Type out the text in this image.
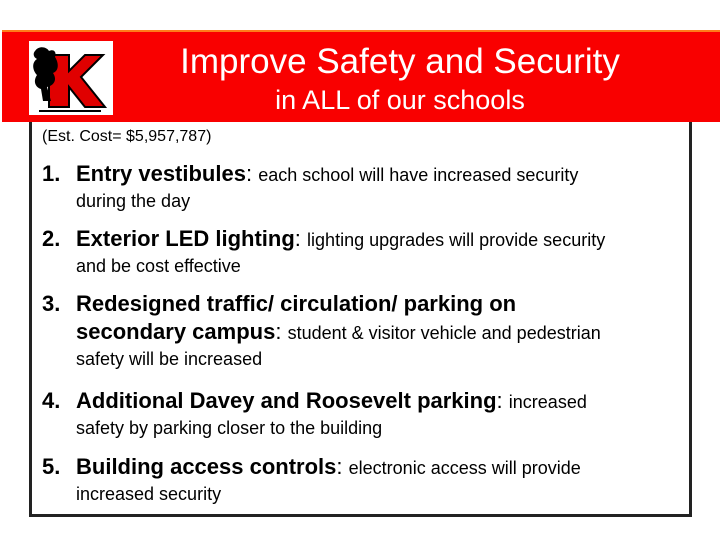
Improve Safety and Security
in ALL of our schools
(Est. Cost= $5,957,787)
1. Entry vestibules: each school will have increased security
during the day
2. Exterior LED lighting: lighting upgrades will provide security
and be cost effective
3. Redesigned traffic/ circulation/ parking on
secondary campus: student & visitor vehicle and pedestrian
safety will be increased
4. Additional Davey and Roosevelt parking: increased
safety by parking closer to the building
5. Building access controls: electronic access will provide
increased security
